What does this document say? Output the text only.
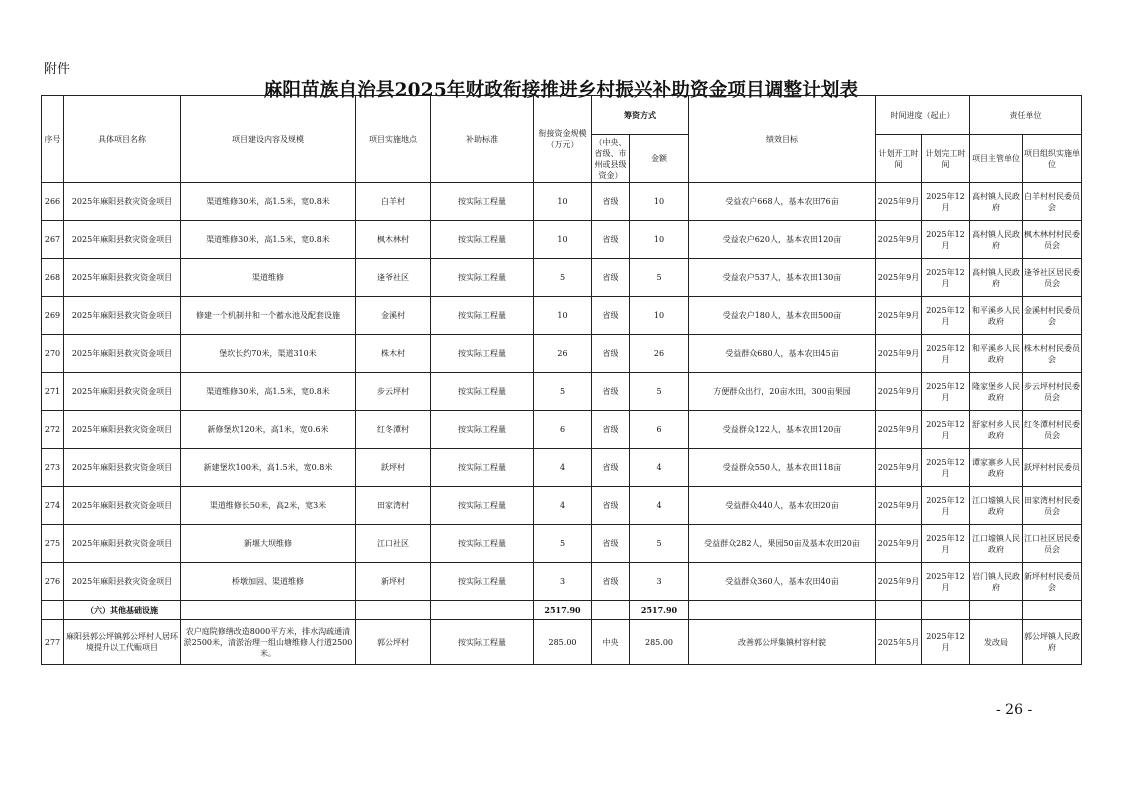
附件
麻阳苗族自治县2025年财政衔接推进乡村振兴补助资金项目调整计划表
序号	具体项目名称	项目建设内容及规模	项目实施地点	补助标准	衔接资金规模（万元）	筹资方式		绩效目标	时间进度（起止）		责任单位	
						（中央、省级、市州或县级资金）	金额		计划开工时间	计划完工时间	项目主管单位	项目组织实施单位
266	2025年麻阳县救灾资金项目	渠道维修30米，高1.5米，宽0.8米	白羊村	按实际工程量	10	省级	10	受益农户668人，基本农田76亩	2025年9月	2025年12月	高村镇人民政府	白羊村村民委员会
267	2025年麻阳县救灾资金项目	渠道维修30米，高1.5米，宽0.8米	枫木林村	按实际工程量	10	省级	10	受益农户620人，基本农田120亩	2025年9月	2025年12月	高村镇人民政府	枫木林村村民委员会
268	2025年麻阳县救灾资金项目	渠道维修	逢爷社区	按实际工程量	5	省级	5	受益农户537人，基本农田130亩	2025年9月	2025年12月	高村镇人民政府	逢爷社区居民委员会
269	2025年麻阳县救灾资金项目	修建一个机制井和一个蓄水池及配套设施	金溪村	按实际工程量	10	省级	10	受益农户180人，基本农田500亩	2025年9月	2025年12月	和平溪乡人民政府	金溪村村民委员会
270	2025年麻阳县救灾资金项目	堡坎长约70米，渠道310米	株木村	按实际工程量	26	省级	26	受益群众680人，基本农田45亩	2025年9月	2025年12月	和平溪乡人民政府	株木村村民委员会
271	2025年麻阳县救灾资金项目	渠道维修30米，高1.5米，宽0.8米	步云坪村	按实际工程量	5	省级	5	方便群众出行，20亩水田，300亩果园	2025年9月	2025年12月	隆家堡乡人民政府	步云坪村村民委员会
272	2025年麻阳县救灾资金项目	新修堡坎120米，高1米，宽0.6米	红冬潭村	按实际工程量	6	省级	6	受益群众122人，基本农田120亩	2025年9月	2025年12月	舒家村乡人民政府	红冬潭村村民委员会
273	2025年麻阳县救灾资金项目	新建堡坎100米，高1.5米，宽0.8米	跃坪村	按实际工程量	4	省级	4	受益群众550人，基本农田118亩	2025年9月	2025年12月	谭家寨乡人民政府	跃坪村村民委员
274	2025年麻阳县救灾资金项目	渠道维修长50米，高2米，宽3米	田家湾村	按实际工程量	4	省级	4	受益群众440人，基本农田20亩	2025年9月	2025年12月	江口墟镇人民政府	田家湾村村民委员会
275	2025年麻阳县救灾资金项目	新堰大坝维修	江口社区	按实际工程量	5	省级	5	受益群众282人，果园50亩及基本农田20亩	2025年9月	2025年12月	江口墟镇人民政府	江口社区居民委员会
276	2025年麻阳县救灾资金项目	桥墩加固、渠道维修	新坪村	按实际工程量	3	省级	3	受益群众360人，基本农田40亩	2025年9月	2025年12月	岩门镇人民政府	新坪村村民委员会
	（六）其他基础设施				2517.90		2517.90					
277	麻阳县郭公坪镇郭公坪村人居环境提升以工代赈项目	农户庭院修缮改造8000平方米，排水沟疏通清淤2500米，清淤治理一组山塘维修人行道2500米。	郭公坪村	按实际工程量	285.00	中央	285.00	改善郭公坪集镇村容村貌	2025年5月	2025年12月	发改局	郭公坪镇人民政府
- 26 -
